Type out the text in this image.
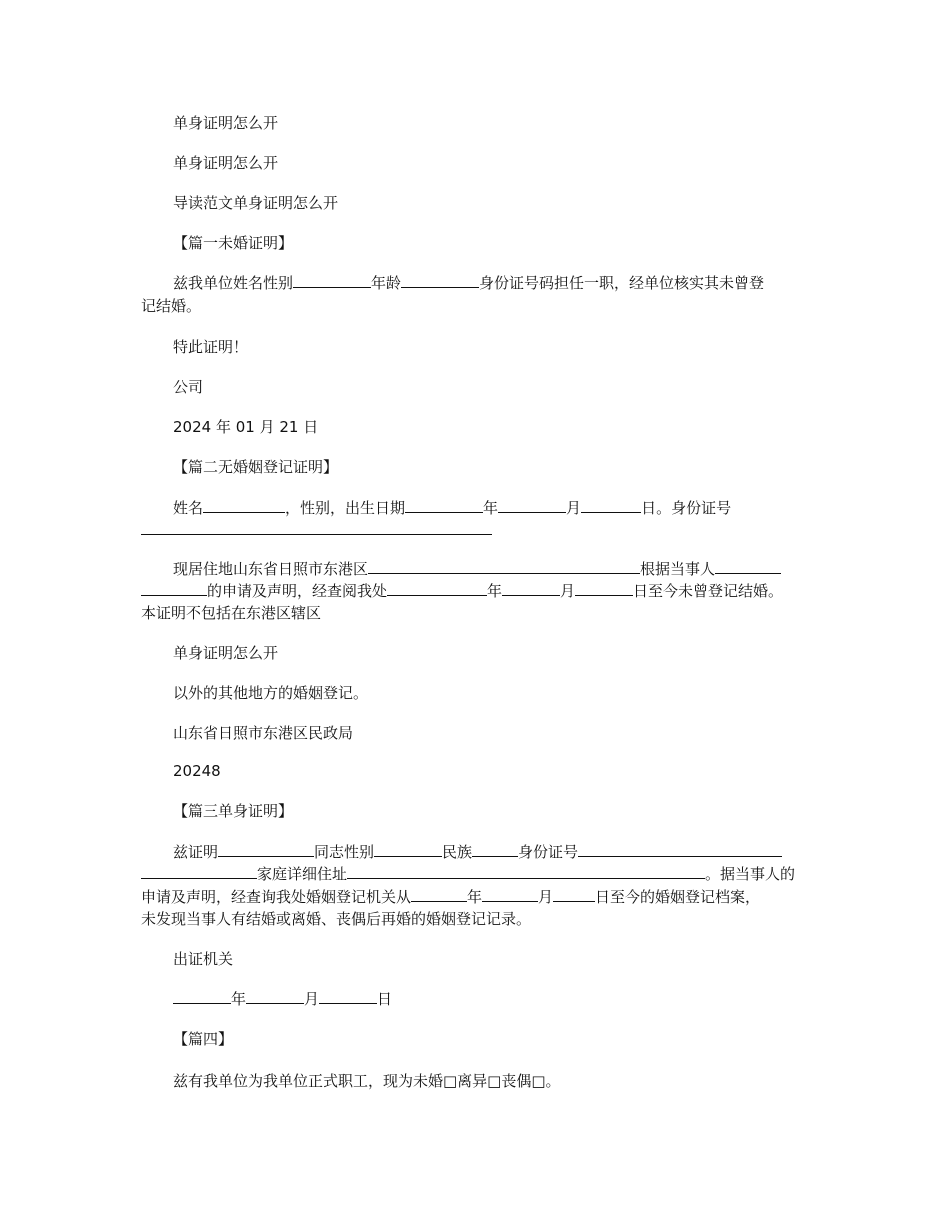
单身证明怎么开
单身证明怎么开
导读范文单身证明怎么开
【篇一未婚证明】
兹我单位姓名性别	年龄	身份证号码担任一职，经单位核实其未曾登
记结婚。
特此证明！
公司
2024 年 01 月 21 日
【篇二无婚姻登记证明】
姓名	，性别，出生日期	年	月	日。身份证号
现居住地山东省日照市东港区	根据当事人
的申请及声明，经查阅我处	年	月	日至今未曾登记结婚。
本证明不包括在东港区辖区
单身证明怎么开
以外的其他地方的婚姻登记。
山东省日照市东港区民政局
20248
【篇三单身证明】
兹证明	同志性别	民族	身份证号
家庭详细住址	。据当事人的
申请及声明，经查询我处婚姻登记机关从	年	月	日至今的婚姻登记档案，
未发现当事人有结婚或离婚、丧偶后再婚的婚姻登记记录。
出证机关
年	月	日
【篇四】
兹有我单位为我单位正式职工，现为未婚□离异□丧偶□。
